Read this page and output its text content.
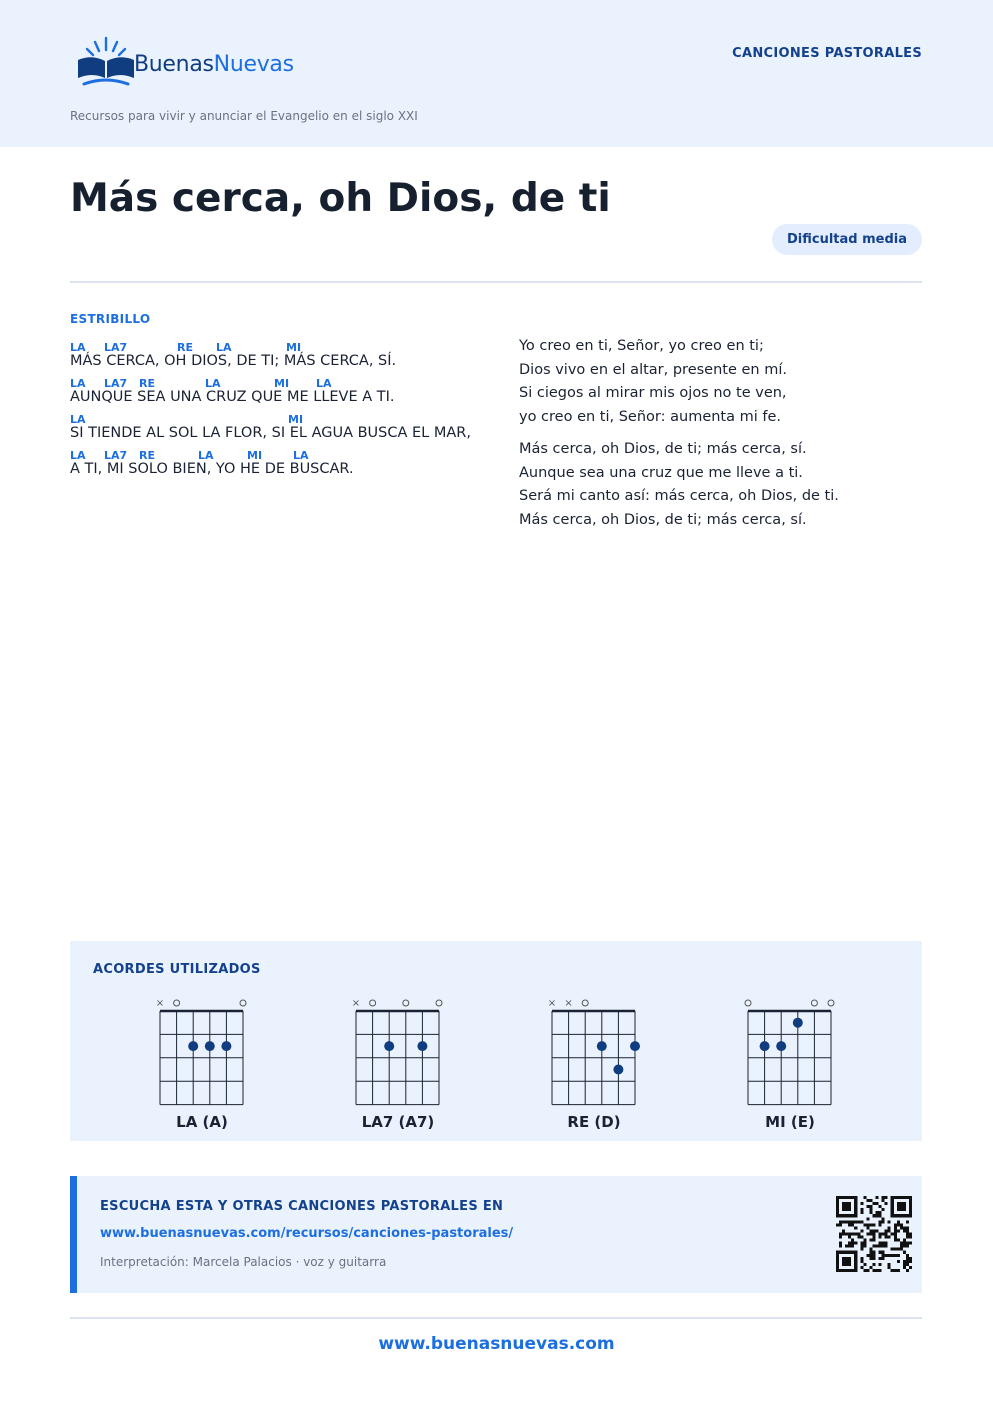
BuenasNuevas	CANCIONES PASTORALES
Recursos para vivir y anunciar el Evangelio en el siglo XXI
Más cerca, oh Dios, de ti
Dificultad media
ESTRIBILLO
LA LA7	RE LA	MI
MÁS CERCA, OH DIOS, DE TI; MÁS CERCA, SÍ.
LA LA7 RE	LA	MI LA
AUNQUE SEA UNA CRUZ QUE ME LLEVE A TI.
LA	MI
SI TIENDE AL SOL LA FLOR, SI EL AGUA BUSCA EL MAR,
LA LA7 RE	LA	MI	LA
A TI, MI SOLO BIEN, YO HE DE BUSCAR.
Yo creo en ti, Señor, yo creo en ti;
Dios vivo en el altar, presente en mí.
Si ciegos al mirar mis ojos no te ven,
yo creo en ti, Señor: aumenta mi fe.
Más cerca, oh Dios, de ti; más cerca, sí.
Aunque sea una cruz que me lleve a ti.
Será mi canto así: más cerca, oh Dios, de ti.
Más cerca, oh Dios, de ti; más cerca, sí.
ACORDES UTILIZADOS
×
LA (A)
×
LA7 (A7)
× ×
RE (D)	MI (E)
ESCUCHA ESTA Y OTRAS CANCIONES PASTORALES EN
www.buenasnuevas.com/recursos/canciones-pastorales/
Interpretación: Marcela Palacios · voz y guitarra
www.buenasnuevas.com
